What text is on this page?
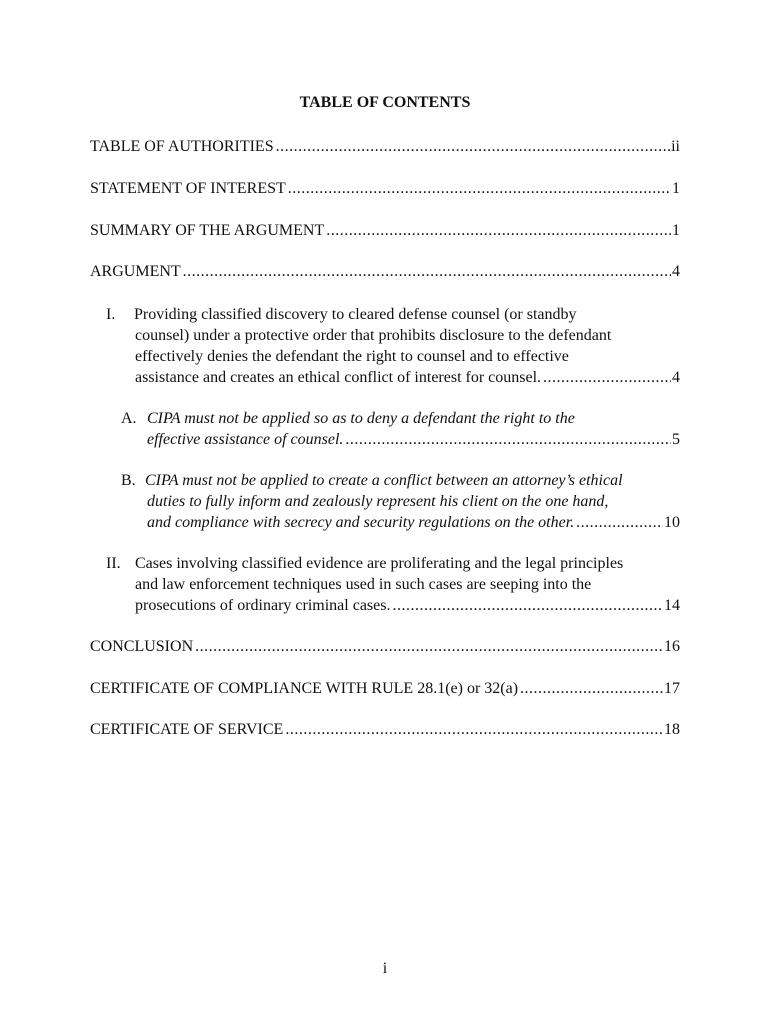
TABLE OF CONTENTS
TABLE OF AUTHORITIES .....	ii
STATEMENT OF INTEREST .....	1
SUMMARY OF THE ARGUMENT .....	1
ARGUMENT .....	4
I. Providing classified discovery to cleared defense counsel (or standby
counsel) under a protective order that prohibits disclosure to the defendant
effectively denies the defendant the right to counsel and to effective
assistance and creates an ethical conflict of interest for counsel. .....	4
A. CIPA must not be applied so as to deny a defendant the right to the
effective assistance of counsel. .....	5
B. CIPA must not be applied to create a conflict between an attorney’s ethical
duties to fully inform and zealously represent his client on the one hand,
and compliance with secrecy and security regulations on the other. .....	10
II. Cases involving classified evidence are proliferating and the legal principles
and law enforcement techniques used in such cases are seeping into the
prosecutions of ordinary criminal cases. .....	14
CONCLUSION .....	16
CERTIFICATE OF COMPLIANCE WITH RULE 28.1(e) or 32(a) .....	17
CERTIFICATE OF SERVICE .....	18
i
